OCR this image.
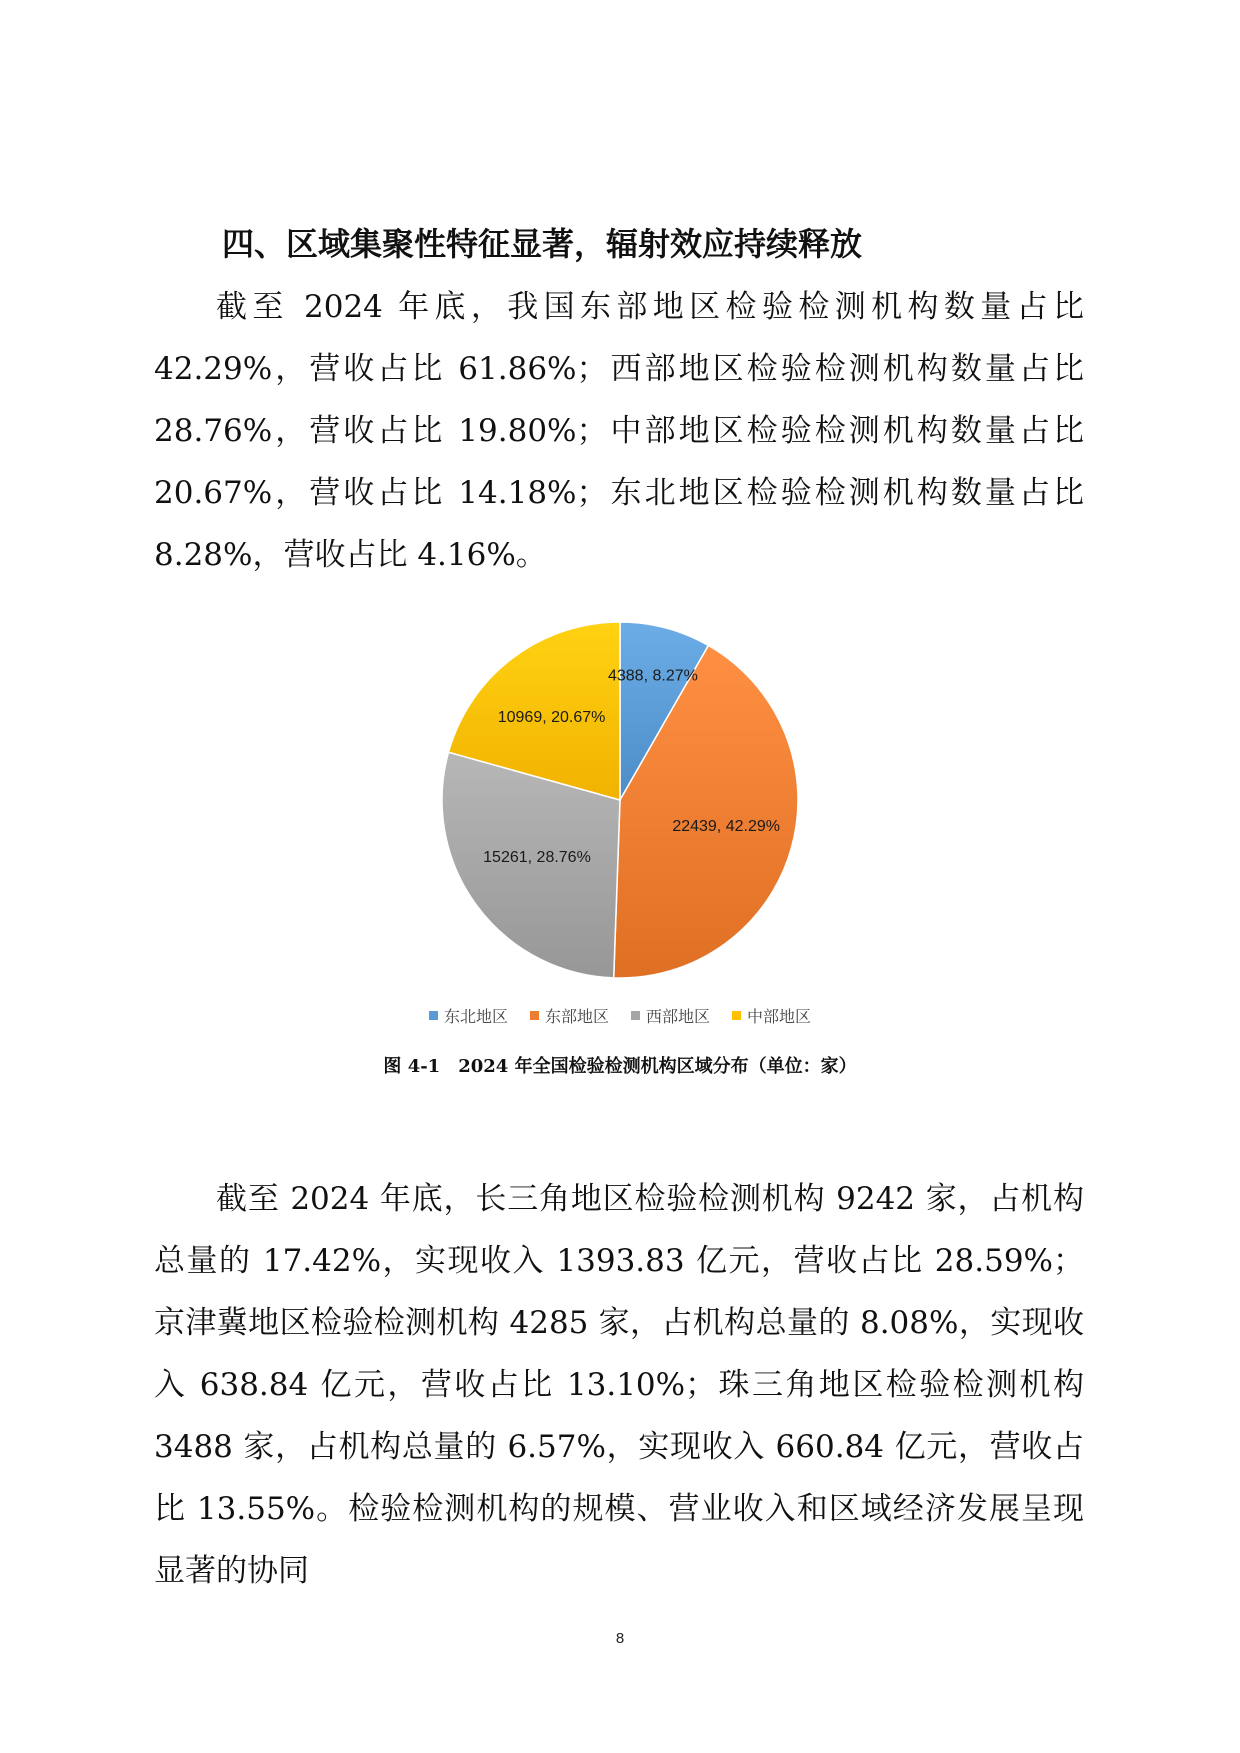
四、区域集聚性特征显著，辐射效应持续释放

截至 2024 年底，我国东部地区检验检测机构数量占比 42.29%，营收占比 61.86%；西部地区检验检测机构数量占比 28.76%，营收占比 19.80%；中部地区检验检测机构数量占比 20.67%，营收占比 14.18%；东北地区检验检测机构数量占比 8.28%，营收占比 4.16%。

4388, 8.27%
22439, 42.29%
15261, 28.76%
10969, 20.67%
东北地区 东部地区 西部地区 中部地区
图 4-1　2024 年全国检验检测机构区域分布（单位：家）

截至 2024 年底，长三角地区检验检测机构 9242 家，占机构总量的 17.42%，实现收入 1393.83 亿元，营收占比 28.59%；京津冀地区检验检测机构 4285 家，占机构总量的 8.08%，实现收入 638.84 亿元，营收占比 13.10%；珠三角地区检验检测机构 3488 家，占机构总量的 6.57%，实现收入 660.84 亿元，营收占比 13.55%。检验检测机构的规模、营业收入和区域经济发展呈现显著的协同

8
